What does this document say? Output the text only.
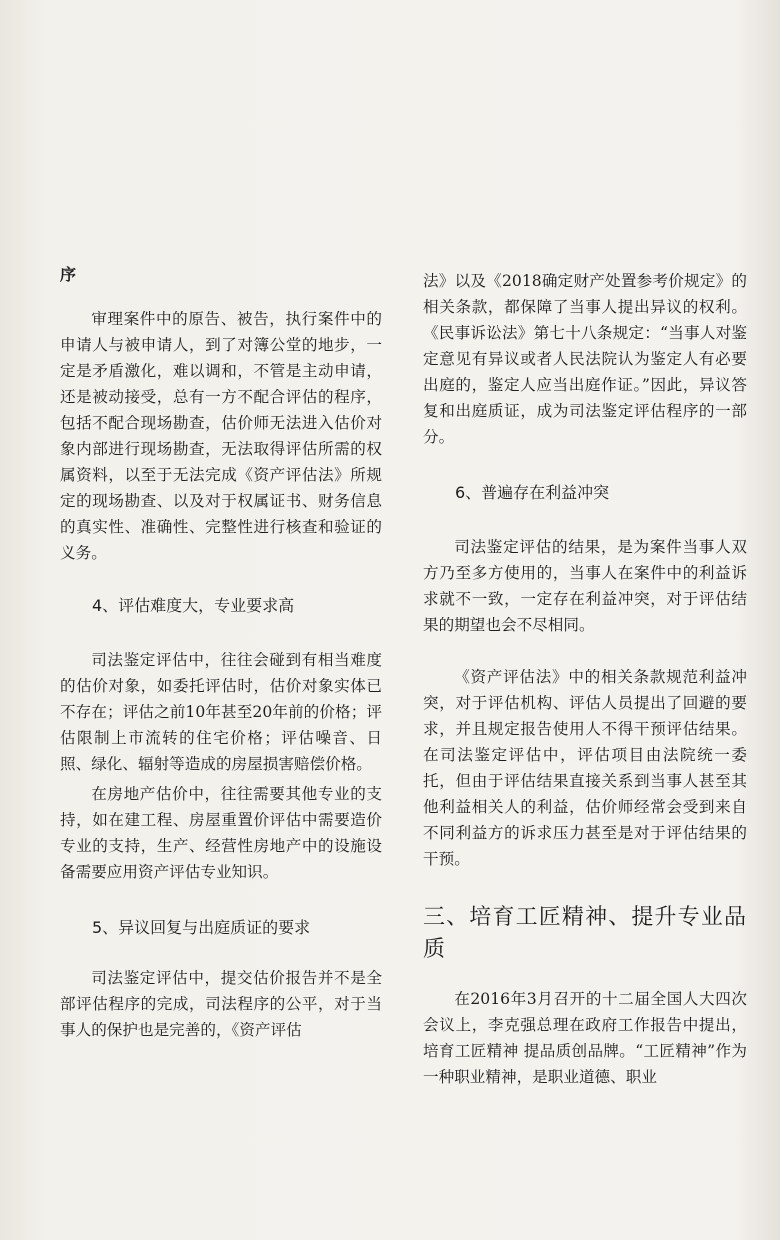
序

审理案件中的原告、被告，执行案件中的申请人与被申请人，到了对簿公堂的地步，一定是矛盾激化，难以调和，不管是主动申请，还是被动接受，总有一方不配合评估的程序，包括不配合现场勘查，估价师无法进入估价对象内部进行现场勘查，无法取得评估所需的权属资料，以至于无法完成《资产评估法》所规定的现场勘查、以及对于权属证书、财务信息的真实性、准确性、完整性进行核查和验证的义务。

4、评估难度大，专业要求高

司法鉴定评估中，往往会碰到有相当难度的估价对象，如委托评估时，估价对象实体已不存在；评估之前10年甚至20年前的价格；评估限制上市流转的住宅价格；评估噪音、日照、绿化、辐射等造成的房屋损害赔偿价格。

在房地产估价中，往往需要其他专业的支持，如在建工程、房屋重置价评估中需要造价专业的支持，生产、经营性房地产中的设施设备需要应用资产评估专业知识。

5、异议回复与出庭质证的要求

司法鉴定评估中，提交估价报告并不是全部评估程序的完成，司法程序的公平，对于当事人的保护也是完善的，《资产评估

法》以及《2018确定财产处置参考价规定》的相关条款，都保障了当事人提出异议的权利。《民事诉讼法》第七十八条规定：“当事人对鉴定意见有异议或者人民法院认为鉴定人有必要出庭的，鉴定人应当出庭作证。”因此，异议答复和出庭质证，成为司法鉴定评估程序的一部分。

6、普遍存在利益冲突

司法鉴定评估的结果，是为案件当事人双方乃至多方使用的，当事人在案件中的利益诉求就不一致，一定存在利益冲突，对于评估结果的期望也会不尽相同。

《资产评估法》中的相关条款规范利益冲突，对于评估机构、评估人员提出了回避的要求，并且规定报告使用人不得干预评估结果。在司法鉴定评估中，评估项目由法院统一委托，但由于评估结果直接关系到当事人甚至其他利益相关人的利益，估价师经常会受到来自不同利益方的诉求压力甚至是对于评估结果的干预。

三、培育工匠精神、提升专业品质

在2016年3月召开的十二届全国人大四次会议上，李克强总理在政府工作报告中提出，培育工匠精神 提品质创品牌。“工匠精神”作为一种职业精神，是职业道德、职业
